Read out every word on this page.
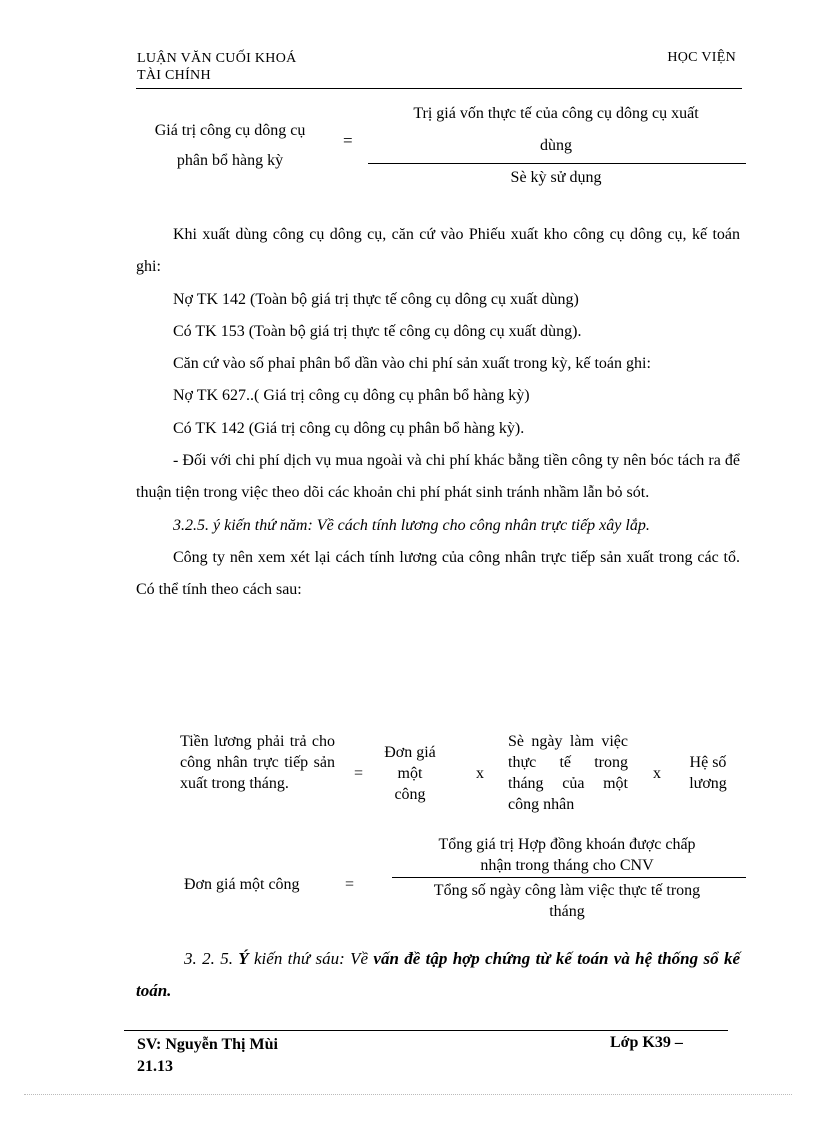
LUẬN VĂN CUỐI KHOÁ
TÀI CHÍNH
HỌC VIỆN
Giá trị công cụ dông cụ
phân bổ hàng kỳ
=
Trị giá vốn thực tế của công cụ dông cụ xuất
dùng
Sè kỳ sử dụng

Khi xuất dùng công cụ dông cụ, căn cứ vào Phiếu xuất kho công cụ dông cụ, kế toán ghi:

Nợ TK 142 (Toàn bộ giá trị thực tế công cụ dông cụ xuất dùng)

Có TK 153 (Toàn bộ giá trị thực tế công cụ dông cụ xuất dùng).

Căn cứ vào số phaỉ phân bổ dần vào chi phí sản xuất trong kỳ, kế toán ghi:

Nợ TK 627..( Giá trị công cụ dông cụ phân bổ hàng kỳ)

Có TK 142 (Giá trị công cụ dông cụ phân bổ hàng kỳ).

- Đối với chi phí dịch vụ mua ngoài và chi phí khác bằng tiền công ty nên bóc tách ra để thuận tiện trong việc theo dõi các khoản chi phí phát sinh tránh nhầm lẫn bỏ sót.

3.2.5. ý kiến thứ năm: Về cách tính lương cho công nhân trực tiếp xây lắp.

Công ty nên xem xét lại cách tính lương của công nhân trực tiếp sản xuất trong các tổ. Có thể tính theo cách sau:

Tiền lương phải trả cho công nhân trực tiếp sản xuất trong tháng.
=
Đơn giá một công
x
Sè ngày làm việc thực tế trong tháng của một công nhân
x
Hệ số lương
Đơn giá một công	=
Tổng giá trị Hợp đồng khoán được chấp
nhận trong tháng cho CNV
Tổng số ngày công làm việc thực tế trong
tháng
3. 2. 5. Ý kiến thứ sáu: Về vấn đề tập hợp chứng từ kế toán và hệ thống sổ kế toán.
SV: Nguyễn Thị Mùi
21.13
Lớp K39 –
